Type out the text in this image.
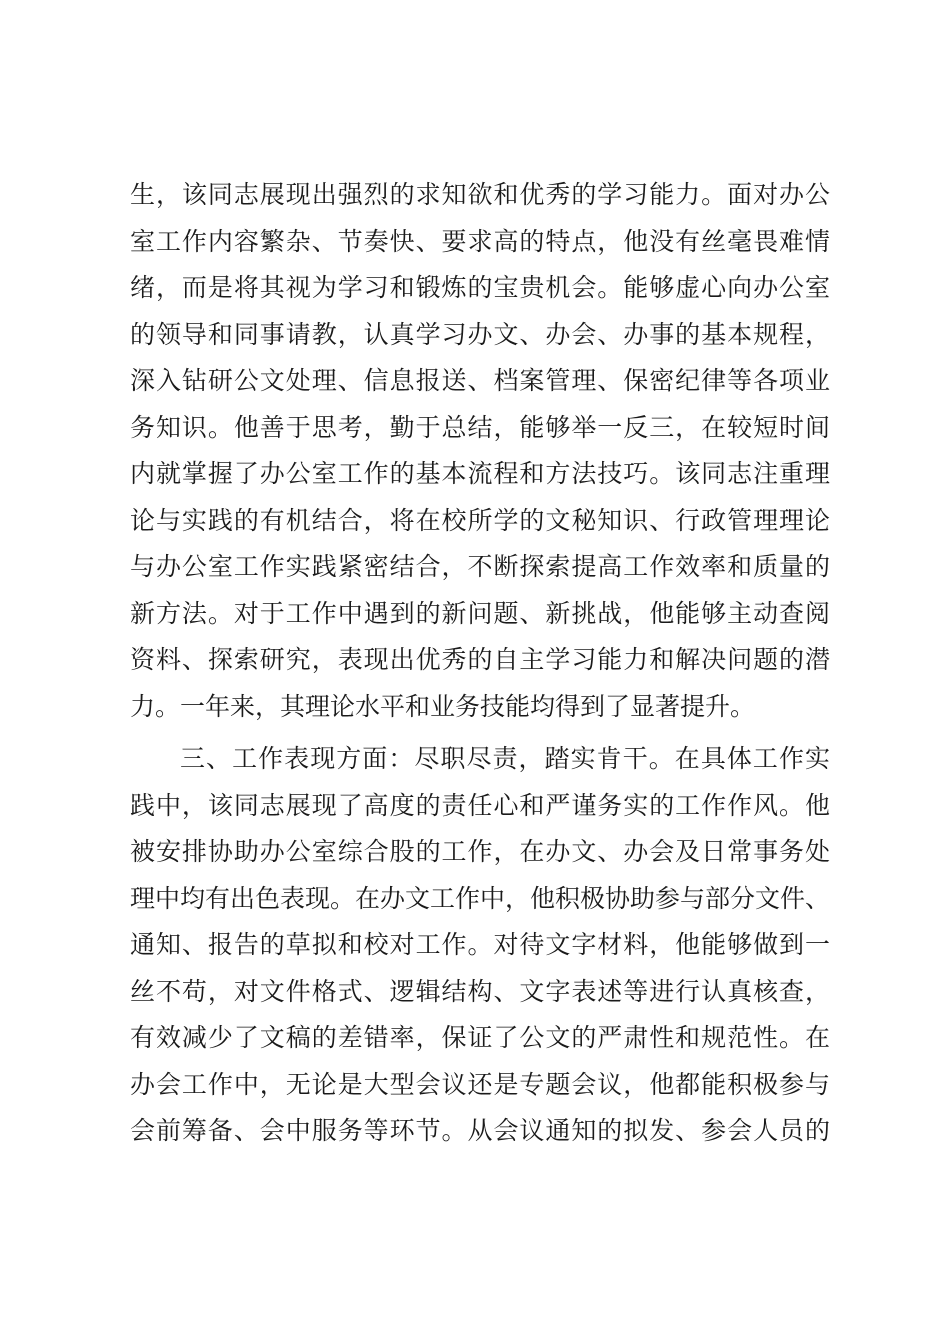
生，该同志展现出强烈的求知欲和优秀的学习能力。面对办公
室工作内容繁杂、节奏快、要求高的特点，他没有丝毫畏难情
绪，而是将其视为学习和锻炼的宝贵机会。能够虚心向办公室
的领导和同事请教，认真学习办文、办会、办事的基本规程，
深入钻研公文处理、信息报送、档案管理、保密纪律等各项业
务知识。他善于思考，勤于总结，能够举一反三，在较短时间
内就掌握了办公室工作的基本流程和方法技巧。该同志注重理
论与实践的有机结合，将在校所学的文秘知识、行政管理理论
与办公室工作实践紧密结合，不断探索提高工作效率和质量的
新方法。对于工作中遇到的新问题、新挑战，他能够主动查阅
资料、探索研究，表现出优秀的自主学习能力和解决问题的潜
力。一年来，其理论水平和业务技能均得到了显著提升。
三、工作表现方面：尽职尽责，踏实肯干。在具体工作实
践中，该同志展现了高度的责任心和严谨务实的工作作风。他
被安排协助办公室综合股的工作，在办文、办会及日常事务处
理中均有出色表现。在办文工作中，他积极协助参与部分文件、
通知、报告的草拟和校对工作。对待文字材料，他能够做到一
丝不苟，对文件格式、逻辑结构、文字表述等进行认真核查，
有效减少了文稿的差错率，保证了公文的严肃性和规范性。在
办会工作中，无论是大型会议还是专题会议，他都能积极参与
会前筹备、会中服务等环节。从会议通知的拟发、参会人员的
